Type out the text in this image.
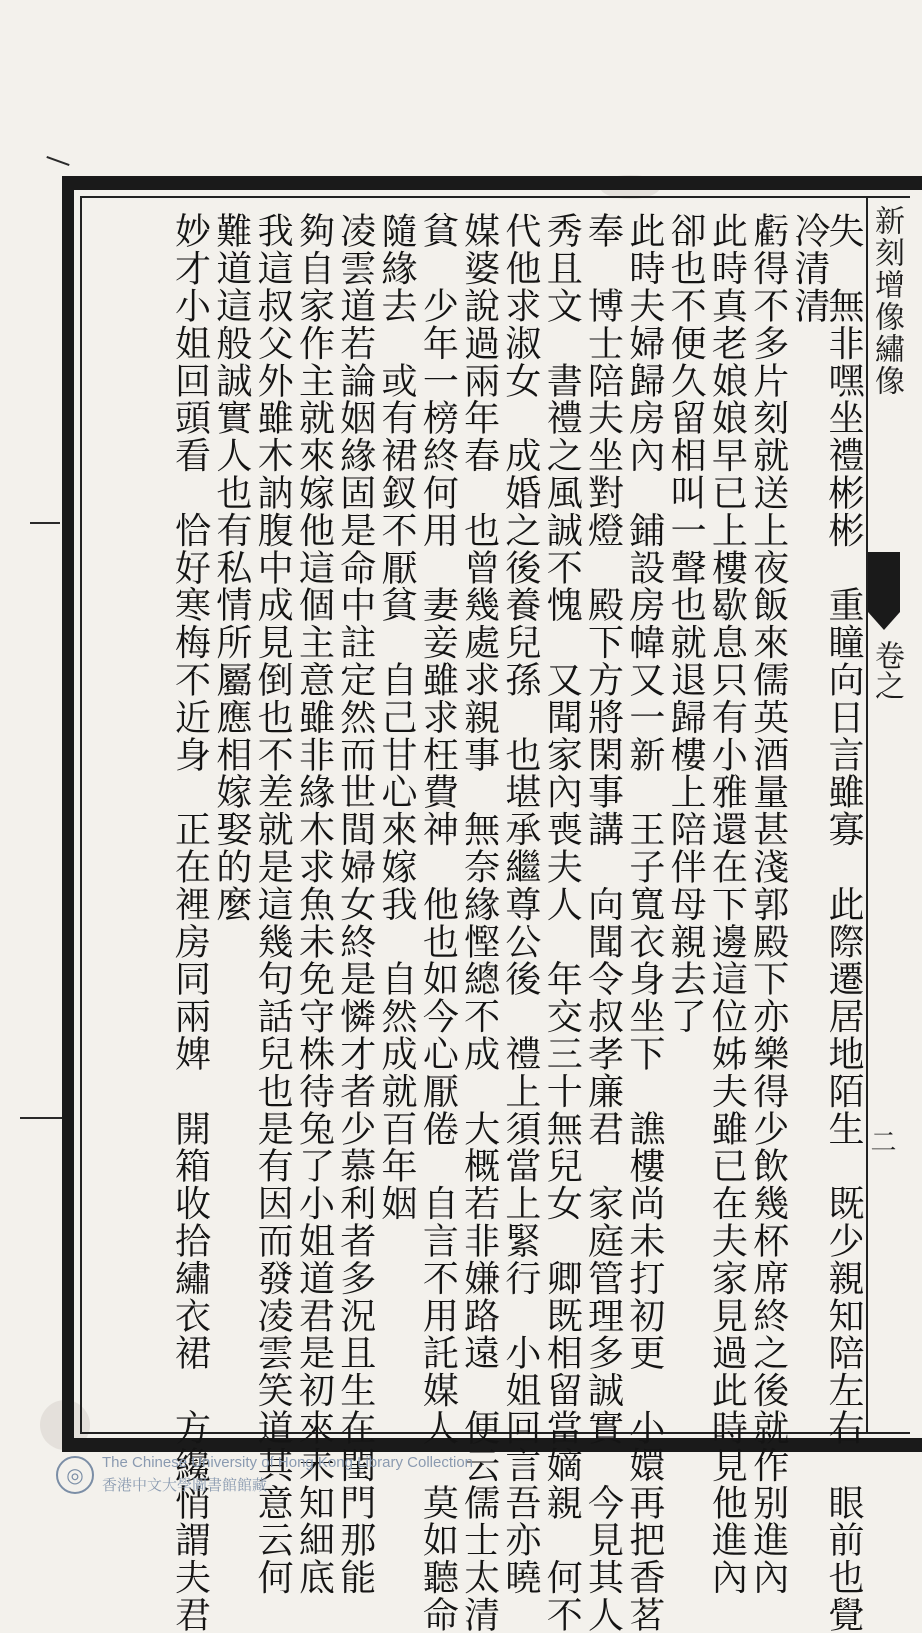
新刻增像繡像
卷之
二
失　無非嘿坐禮彬彬　重瞳向日言雖寡　此際遷居地陌生　既少親知陪左右　眼前也覺
冷清清
虧得不多片刻就送上夜飯來儒英酒量甚淺郭殿下亦樂得少飲幾杯席終之後就作别進內
此時真老娘娘早已上樓歇息只有小雅還在下邊這位姊夫雖已在夫家見過此時見他進內
卻也不便久留相叫一聲也就退歸樓上陪伴母親去了
此時夫婦歸房內　鋪設房幃又一新　王子寬衣身坐下　譙樓尚未打初更　小嬛再把香茗
奉　博士陪夫坐對燈　殿下方將閑事講　向聞令叔孝廉君　家庭管理多誠實　今見其人
秀且文　書禮之風誠不愧　又聞家內喪夫人　年交三十無兒女　卿既相留當嫡親　何不
代他求淑女　成婚之後養兒孫　也堪承繼尊公後　禮上須當上緊行　小姐回言吾亦曉
媒婆說過兩年春　也曾幾處求親事　無奈緣慳總不成　大概若非嫌路遠　便云儒士太清
貧　少年一榜終何用　妻妾雖求枉費神　他也如今心厭倦　自言不用託媒人　莫如聽命
隨緣去　或有裙釵不厭貧　自己甘心來嫁我　自然成就百年姻
凌雲道若論姻緣固是命中註定然而世間婦女終是憐才者少慕利者多況且生在閨門那能
夠自家作主就來嫁他這個主意雖非緣木求魚未免守株待兔了小姐道君是初來未知細底
我這叔父外雖木訥腹中成見倒也不差就是這幾句話兒也是有因而發凌雲笑道其意云何
難道這般誠實人也有私情所屬應相嫁娶的麼
妙才小姐回頭看　恰好寒梅不近身　正在裡房同兩婢　開箱收拾繡衣裙　方纔悄謂夫君
◎
The Chinese University of Hong Kong Library Collection
香港中文大學圖書館館藏
